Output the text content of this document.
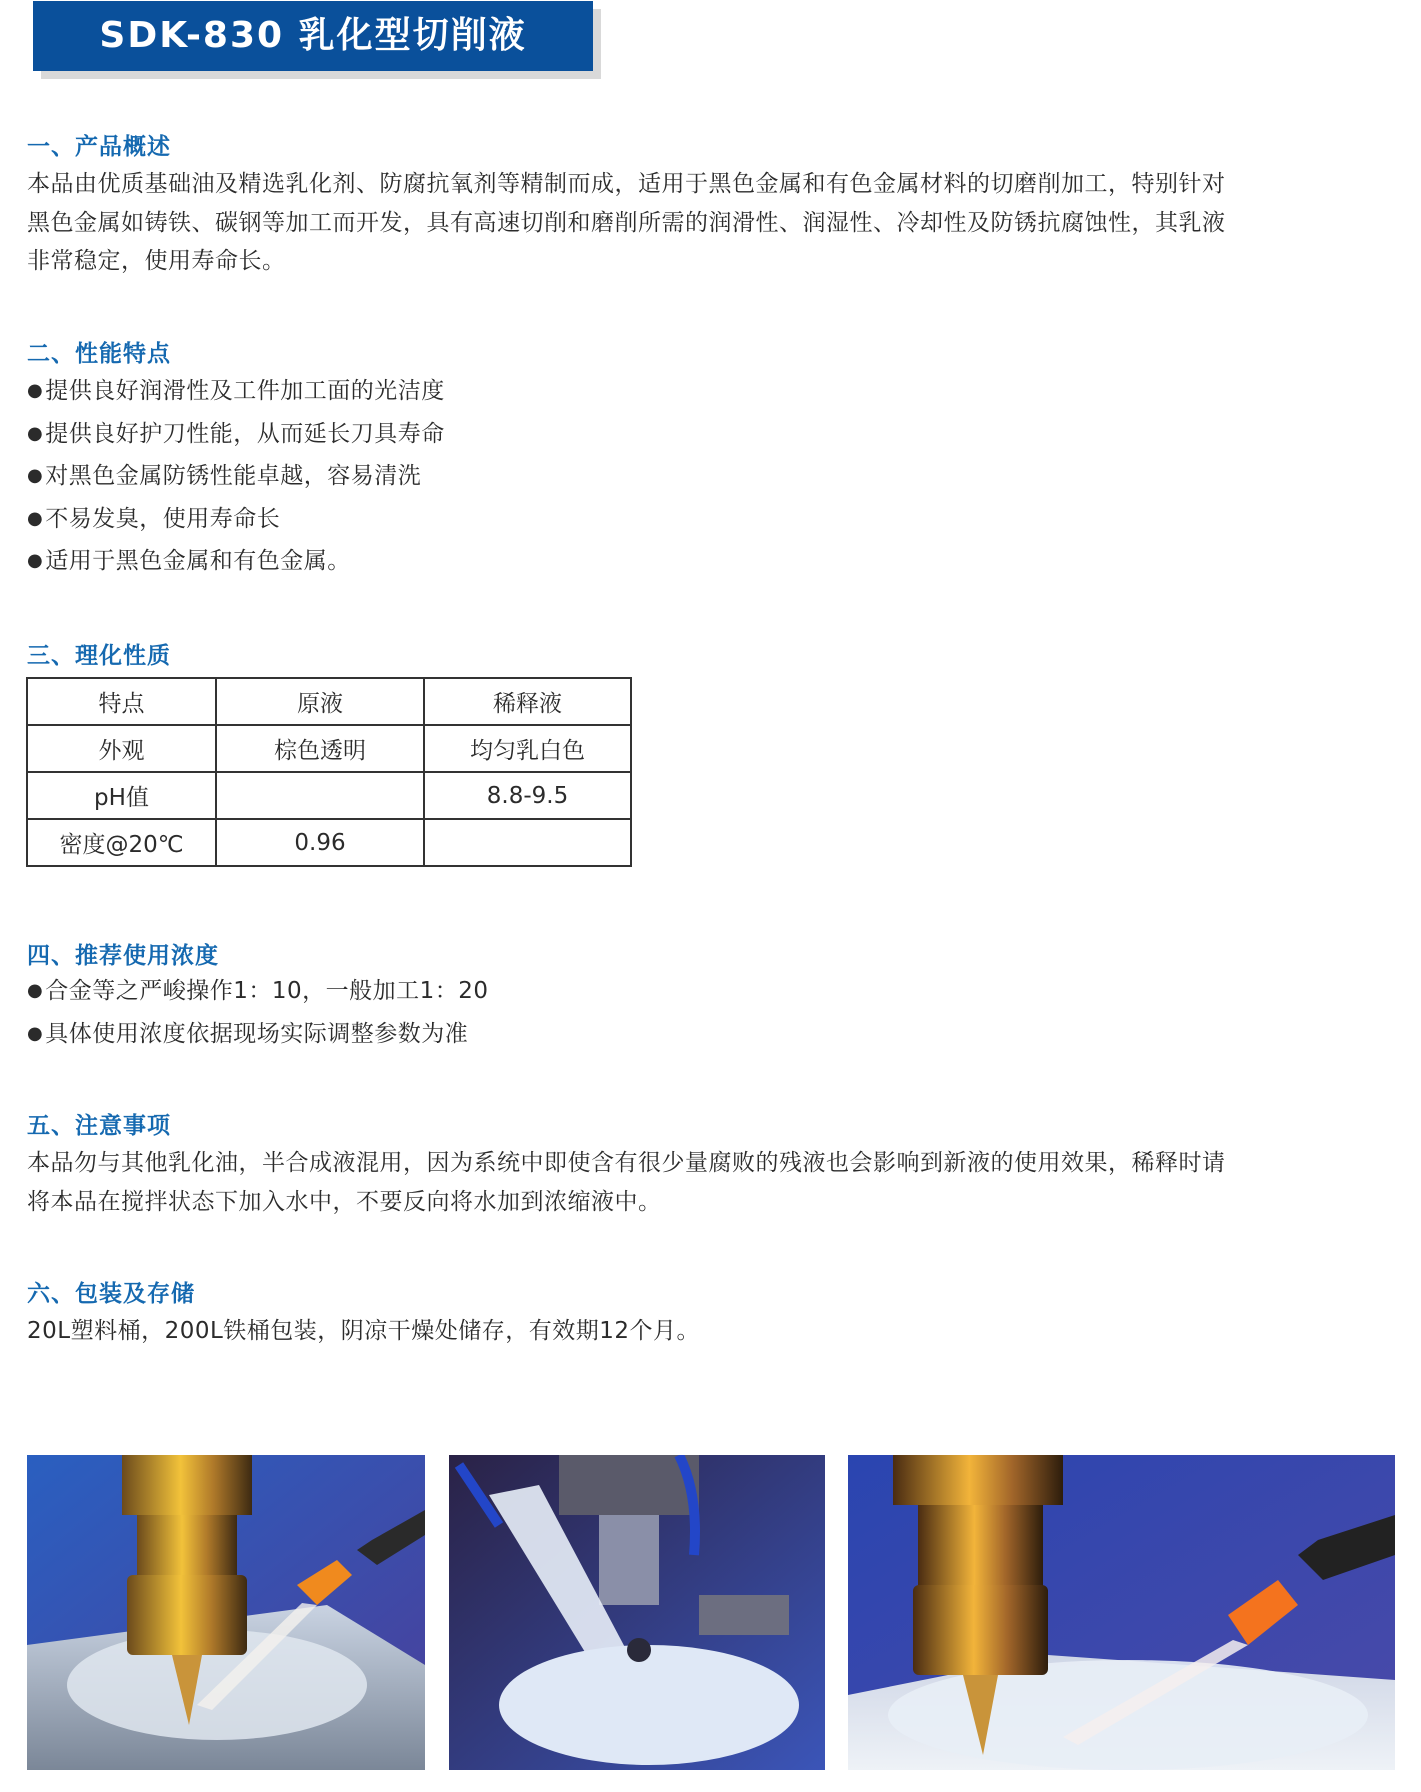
SDK-830 乳化型切削液
一、产品概述
本品由优质基础油及精选乳化剂、防腐抗氧剂等精制而成，适用于黑色金属和有色金属材料的切磨削加工，特别针对
黑色金属如铸铁、碳钢等加工而开发，具有高速切削和磨削所需的润滑性、润湿性、冷却性及防锈抗腐蚀性，其乳液
非常稳定，使用寿命长。
二、性能特点
● 提供良好润滑性及工件加工面的光洁度
● 提供良好护刀性能，从而延长刀具寿命
● 对黑色金属防锈性能卓越，容易清洗
● 不易发臭，使用寿命长
● 适用于黑色金属和有色金属。
三、理化性质
特点	原液	稀释液
外观	棕色透明	均匀乳白色
pH值		8.8-9.5
密度@20℃	0.96	
四、推荐使用浓度
● 合金等之严峻操作1：10，一般加工1：20
● 具体使用浓度依据现场实际调整参数为准
五、注意事项
本品勿与其他乳化油，半合成液混用，因为系统中即使含有很少量腐败的残液也会影响到新液的使用效果，稀释时请
将本品在搅拌状态下加入水中，不要反向将水加到浓缩液中。
六、包装及存储
20L塑料桶，200L铁桶包装，阴凉干燥处储存，有效期12个月。
